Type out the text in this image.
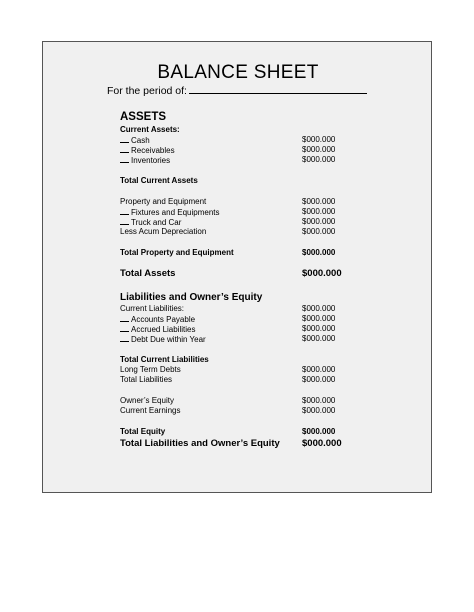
BALANCE SHEET
For the period of:
ASSETS
Current Assets:
Cash	$000.000
Receivables	$000.000
Inventories	$000.000
Total Current Assets
Property and Equipment	$000.000
Fixtures and Equipments	$000.000
Truck and Car	$000.000
Less Acum Depreciation	$000.000
Total Property and Equipment	$000.000
Total Assets	$000.000
Liabilities and Owner’s Equity
Current Liabilities:	$000.000
Accounts Payable	$000.000
Accrued Liabilities	$000.000
Debt Due within Year	$000.000
Total Current Liabilities
Long Term Debts	$000.000
Total Liabilities	$000.000
Owner’s Equity	$000.000
Current Earnings	$000.000
Total Equity	$000.000
Total Liabilities and Owner’s Equity $000.000
